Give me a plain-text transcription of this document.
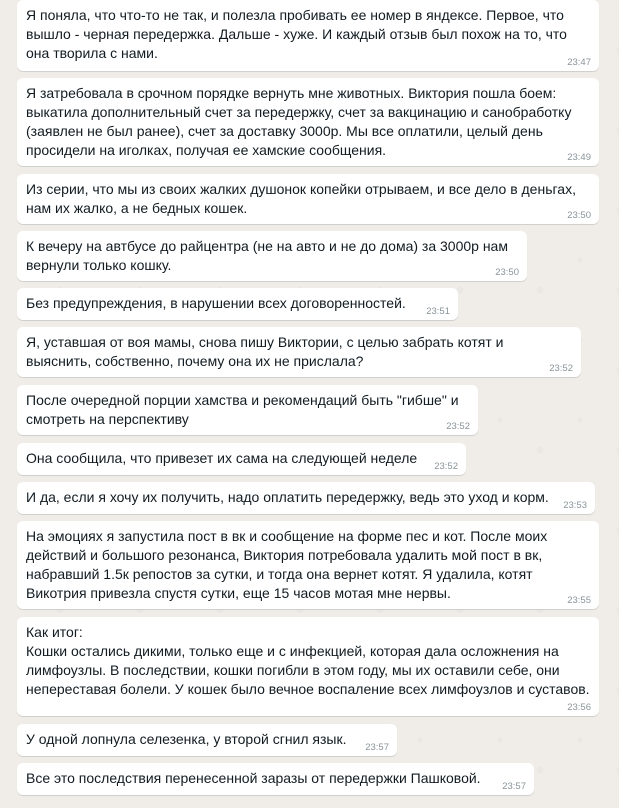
Я поняла, что что-то не так, и полезла пробивать ее номер в яндексе. Первое, что вышло - черная передержка. Дальше - хуже. И каждый отзыв был похож на то, что она творила с нами.

23:47

Я затребовала в срочном порядке вернуть мне животных. Виктория пошла боем: выкатила дополнительный счет за передержку, счет за вакцинацию и санобработку (заявлен не был ранее), счет за доставку 3000р. Мы все оплатили, целый день просидели на иголках, получая ее хамские сообщения.	23:49

Из серии, что мы из своих жалких душонок копейки отрываем, и все дело в деньгах, нам их жалко, а не бедных кошек.	23:50

К вечеру на автбусе до райцентра (не на авто и не до дома) за 3000р нам вернули только кошку.	23:50

Без предупреждения, в нарушении всех договоренностей.

23:51

Я, уставшая от воя мамы, снова пишу Виктории, с целью забрать котят и выяснить, собственно, почему она их не прислала?	23:52

После очередной порции хамства и рекомендаций быть "гибше" и смотреть на перспективу	23:52

Она сообщила, что привезет их сама на следующей неделе

23:52

И да, если я хочу их получить, надо оплатить передержку, ведь это уход и корм.

23:53

На эмоциях я запустила пост в вк и сообщение на форме пес и кот. После моих действий и большого резонанса, Виктория потребовала удалить мой пост в вк, набравший 1.5к репостов за сутки, и тогда она вернет котят. Я удалила, котят Викотрия привезла спустя сутки, еще 15 часов мотая мне нервы.	23:55

Как итог:
Кошки остались дикими, только еще и с инфекцией, которая дала осложнения на лимфоузлы. В последствии, кошки погибли в этом году, мы их оставили себе, они непереставая болели. У кошек было вечное воспаление всех лимфоузлов и суставов.

23:56

У одной лопнула селезенка, у второй сгнил язык.

23:57

Все это последствия перенесенной заразы от передержки Пашковой.

23:57
